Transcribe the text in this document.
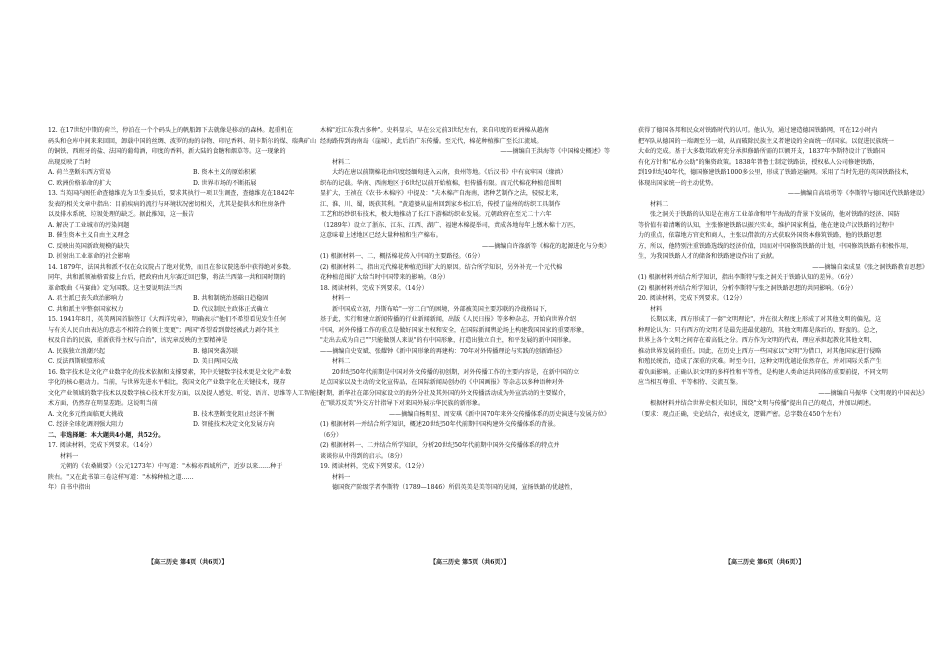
12. 在17世纪中期的荷兰，停泊在一个个码头上的帆船卸下去就像是移动的森林。起重机在
码头和仓库中间来来回回，卸载中国的丝绸、波罗的海的谷物、印尼香料、胡卡斯尔的煤、瑞典矿山
的铜铁、西班牙的盐、法国的葡萄酒，印度的香料，新大陆的食糖和烟草等。这一现象的
出现反映了当时
A. 荷兰垄断东西方贸易	B. 资本主义的原始积累
C. 欧洲价格革命的扩大	D. 世界市场的不断拓展
13. 当英国内阁任命查德维克为卫生委员后，要求其执行一项卫生调查，查德维克在1842年
发表的相关文章中指出：目前疾病的流行与环境状况密切相关，尤其是提供水和住房条件
以及排水系统、垃圾处理的缺乏。据此推知，这一报告
A. 解决了工业城市的污染问题
B. 催生资本主义自由主义理念
C. 反映出英国新政规模的缺失
D. 折射出工业革命的社会影响
14. 1879年，法国共和派不仅在众议院占了绝对优势，而且在参议院选举中获得绝对多数。
同年，共和派领袖格雷接上台后，把政府由凡尔赛迁回巴黎，将法兰西第一共和国时期的
革命歌曲《马赛曲》定为国歌。这主要说明法兰西
A. 君主派已丧失政治影响力	B. 共和制统治基础日趋稳固
C. 共和派主宰整套国家权力	D. 代议制民主政体正式确立
15. 1941年8月，英美两国首脑签订《大西洋宪章》，明确表示"他们不希望看见发生任何
与有关人民自由表达的意志不相符合的领土变更"；两国"希望看到曾经被武力剥夺其主
权及自治的民族，重新获得主权与自治"，该宪章反映的主要精神是
A. 民族独立浪潮兴起	B. 德国突袭苏联
C. 反法西斯联盟形成	D. 美日两国交战
16. 数字技术是文化产业数字化的技术依据和支撑要素，其中关键数字技术更是文化产业数
字化的核心驱动力。当前，与世界先进水平相比，我国文化产业数字化在关键技术，现存
文化产业领域的数字技术以及数字核心技术开发方面，以及提人感觉、听觉、语言、思维等人工智能技
术方面，仍然存在明显差距。这说明当前
A. 文化多元性面临更大挑战	B. 技术垄断变化阻止经济不衡
C. 经济全球化调剂强大阻力	D. 智能技术决定文化发展方向
二、非选择题：本大题共4小题，共52分。
17. 阅读材料，完成下列要求。（14分）
材料一
元朝的《农桑辑要》（公元1273年）中写道："木棉亦西域所产，近岁以来……种于
陕右。"又在此书第三卷这样写道："木棉种植之道……
年）自书中指出
木棉"近江东我古多种"。史料显示，早在公元前3世纪左右，来自印度的亚洲棉从越南
经海路传到海南岛（崖城），此后沿广东传播。至元代，棉花种植推广至长江流域。
——摘编自王洪海等《中国棉史概述》等
材料二
大约在唐以前期棉花由印度经缅甸进入云南，贵州等地。《后汉书》中有哀牢国（缘滇）
织布的记载。华南、西南地区于6世纪以前开始植棉，但传播有限。而元代棉花种植范围明
显扩大，王祯在《农书·木棉序》中提及："夫木棉产自海南，诸种艺制作之法，骎骎北来，
江、淮、川、蜀，既获其利。"黄道婆从崖州回到家乡松江后，传授了崖州的纺织工具制作
工艺和纺纱织布技术，极大地推动了长江下游棉纺织业发展。元朝政府在至元二十六年
（1289年）设立了浙东、江东、江西、湖广、福建木棉提举司，责成各地每年上缴木棉十万匹，
这意味着上述地区已经大量种植和生产棉布。
——摘编自许涤新等《棉花的起源进化与分类》
(1) 根据材料一、二，概括棉花传入中国的主要路径。（6分）
(2) 根据材料二，指出元代棉花种植范围扩大的原因。结合所学知识，另外补充一个元代棉
花种植范围扩大给当时中国带来的影响。（8分）
18. 阅读材料，完成下列要求。（14分）
材料一
新中国成立初，丹斯布哈"一穷二白"的困境，外部被美国主要苏联的冷战格局下，
基于此，实行和建立新闻传播的行业新闻新闻，出版《人民日报》等多种杂志，开始向世界介绍
中国，对外传播工作的重点是做好国家主权和安全，在国际新闻舆论场上构建我国国家的重要形象，
"走出去成为自己""只能做别人来说"的有中国形象，打造出独立自主，和平发展的新中国形象。
——摘编自史安斌、张耀钟《新中国形象的再建构：70年对外传播理论与实践的创新路径》
材料二
20世纪50年代前期是中国对外文传播的初创期，对外传播工作的主要内容是，在新中国的立
足点国家以及主动的文化宣传品，在国际新闻局创办的《中国画报》等杂志以多种语种对外
时期，新华社在部分国家设立的海外分社及其外国的外文传播活动成为外宣活动的主要媒介，
在"联苏反美"外交方针指导下对来国外展示华民族的新形象。
——摘编自杨明星、周安琪《新中国70年来外交传播体系的历史演进与发展方位》
(1) 根据材料一并结合所学知识，概述20世纪50年代前期中国构建外交传播体系的背景。
（6分）
(2) 根据材料一、二并结合所学知识，分析20世纪50年代前期中国外交传播体系的特点并
谈谈你从中得到的启示。（8分）
19. 阅读材料，完成下列要求。（12分）
材料一
德国资产阶级学者李斯特（1789—1846）所倡英美是美等国的见闻，宣扬铁路的优越性，
获得了德国各邦和民众对铁路时代的认可。他认为，通过建造德国铁路网，可在12小时内
把军队从德国的一端调至另一端，从而破除民族主义者建设的全面统一的国家。以促进民族统一
大业的完成。基于大多数邦政府充分承担修路所需的巨额开支，1837年李斯特设计了铁路国
有化方针和"私办公助"的集资政策。1838年普鲁士制定铁路法，授权私人公司修建铁路，
到19世纪40年代，德国修建铁路1000多公里，形成了铁路运输网。采用了当时先进的英国铁路技术，
体现出国家统一的主动优势。
——摘编自高培勇等《李斯特与德国近代铁路建设》
材料二
张之洞关于铁路的认知是在南方工业革命和甲午海战的背景下发展的，他对铁路的经济、国防
等价值有着清晰的认知，主张修建铁路以振兴实业，维护国家利益，他在建设卢汉铁路的过程中
力的重点，依靠地方官吏和商人，主张以借款的方式获取外国资本修筑铁路，他的铁路思想
方，所以，他特别注重铁路选线的经济价值，因而对中国修筑铁路的计划，中国修筑铁路有积极作用，
生，为我国铁路人才的储备和铁路建设作出了贡献。
——摘编自栾成显《张之洞铁路教育思想》
(1) 根据材料并结合所学知识，指出李斯特与张之洞关于铁路认知的差异。（6分）
(2) 根据材料并结合所学知识，分析李斯特与张之洞铁路思想的共同影响。（6分）
20. 阅读材料，完成下列要求。（12分）
材料
长期以来，西方形成了一套"文明理论"，并在很大程度上形成了对其他文明的偏见，这
种理论认为：只有西方的文明才是最先进最优越的，其他文明都是落后的、野蛮的。总之，
世界上各个文明之间存在着高低之分。西方作为文明的代表，理应承担起教化其他文明、
推动世界发展的重任。因此，在历史上西方一些国家以"文明"为借口，对其他国家进行侵略
和殖民统治，造成了深重的灾难。时至今日，这种文明优越论依然存在，并对国际关系产生
着负面影响。正确认识文明的多样性和平等性，是构建人类命运共同体的重要前提，不同文明
应当相互尊重、平等相待、交流互鉴。
——摘编自马振华《文明观的中国表达》
根据材料并结合世界史相关知识，围绕"文明与传播"提出自己的观点，并加以阐述。
（要求：观点正确，史论结合，表述成文，逻辑严密。总字数在450个左右）
【高三历史 第4页（共6页）】	【高三历史 第5页（共6页）】	【高三历史 第6页（共6页）】
